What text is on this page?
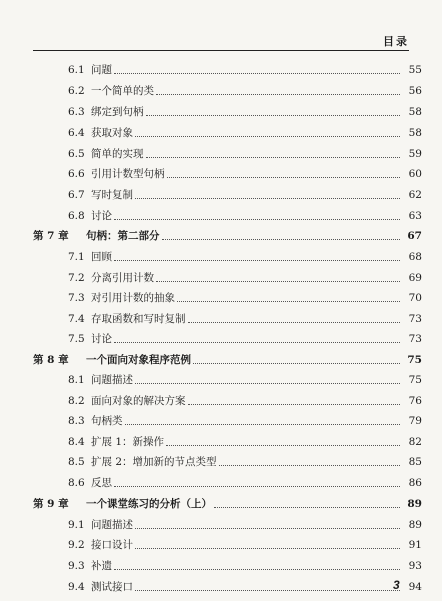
目录
6.1 问题	55
6.2 一个简单的类	56
6.3 绑定到句柄	58
6.4 获取对象	58
6.5 简单的实现	59
6.6 引用计数型句柄	60
6.7 写时复制	62
6.8 讨论	63
第 7 章	句柄：第二部分	67
7.1 回顾	68
7.2 分离引用计数	69
7.3 对引用计数的抽象	70
7.4 存取函数和写时复制	73
7.5 讨论	73
第 8 章	一个面向对象程序范例	75
8.1 问题描述	75
8.2 面向对象的解决方案	76
8.3 句柄类	79
8.4 扩展 1：新操作	82
8.5 扩展 2：增加新的节点类型	85
8.6 反思	86
第 9 章	一个课堂练习的分析（上）	89
9.1 问题描述	89
9.2 接口设计	91
9.3 补遗	93
9.4 测试接口	94
3
